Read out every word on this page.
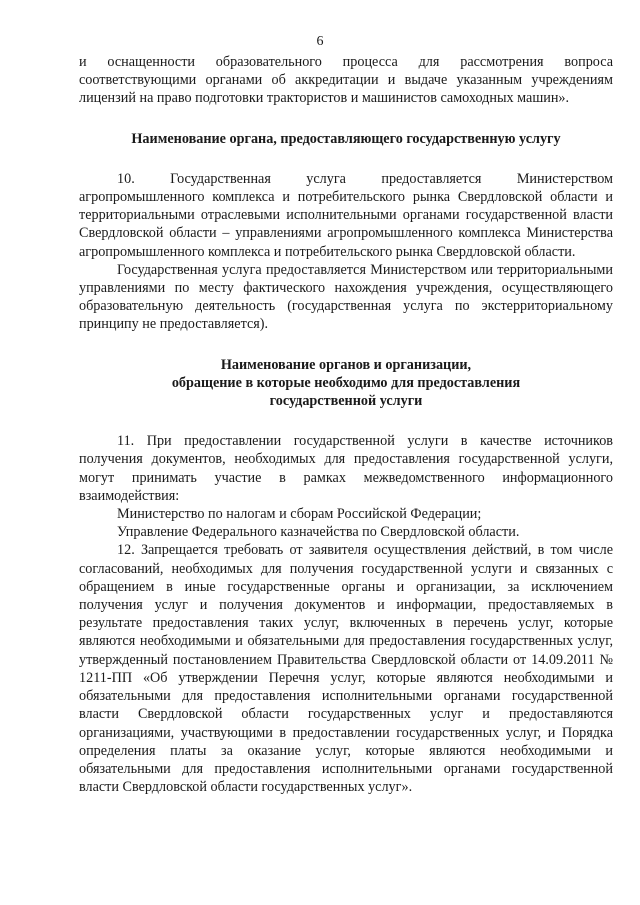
6

и оснащенности образовательного процесса для рассмотрения вопроса соответствующими органами об аккредитации и выдаче указанным учреждениям лицензий на право подготовки трактористов и машинистов самоходных машин».

Наименование органа, предоставляющего государственную услугу

10. Государственная услуга предоставляется Министерством агропромышленного комплекса и потребительского рынка Свердловской области и территориальными отраслевыми исполнительными органами государственной власти Свердловской области – управлениями агропромышленного комплекса Министерства агропромышленного комплекса и потребительского рынка Свердловской области.

Государственная услуга предоставляется Министерством или территориальными управлениями по месту фактического нахождения учреждения, осуществляющего образовательную деятельность (государственная услуга по экстерриториальному принципу не предоставляется).

Наименование органов и организации,
обращение в которые необходимо для предоставления
государственной услуги

11. При предоставлении государственной услуги в качестве источников получения документов, необходимых для предоставления государственной услуги, могут принимать участие в рамках межведомственного информационного взаимодействия:

Министерство по налогам и сборам Российской Федерации;

Управление Федерального казначейства по Свердловской области.

12. Запрещается требовать от заявителя осуществления действий, в том числе согласований, необходимых для получения государственной услуги и связанных с обращением в иные государственные органы и организации, за исключением получения услуг и получения документов и информации, предоставляемых в результате предоставления таких услуг, включенных в перечень услуг, которые являются необходимыми и обязательными для предоставления государственных услуг, утвержденный постановлением Правительства Свердловской области от 14.09.2011 № 1211-ПП «Об утверждении Перечня услуг, которые являются необходимыми и обязательными для предоставления исполнительными органами государственной власти Свердловской области государственных услуг и предоставляются организациями, участвующими в предоставлении государственных услуг, и Порядка определения платы за оказание услуг, которые являются необходимыми и обязательными для предоставления исполнительными органами государственной власти Свердловской области государственных услуг».
